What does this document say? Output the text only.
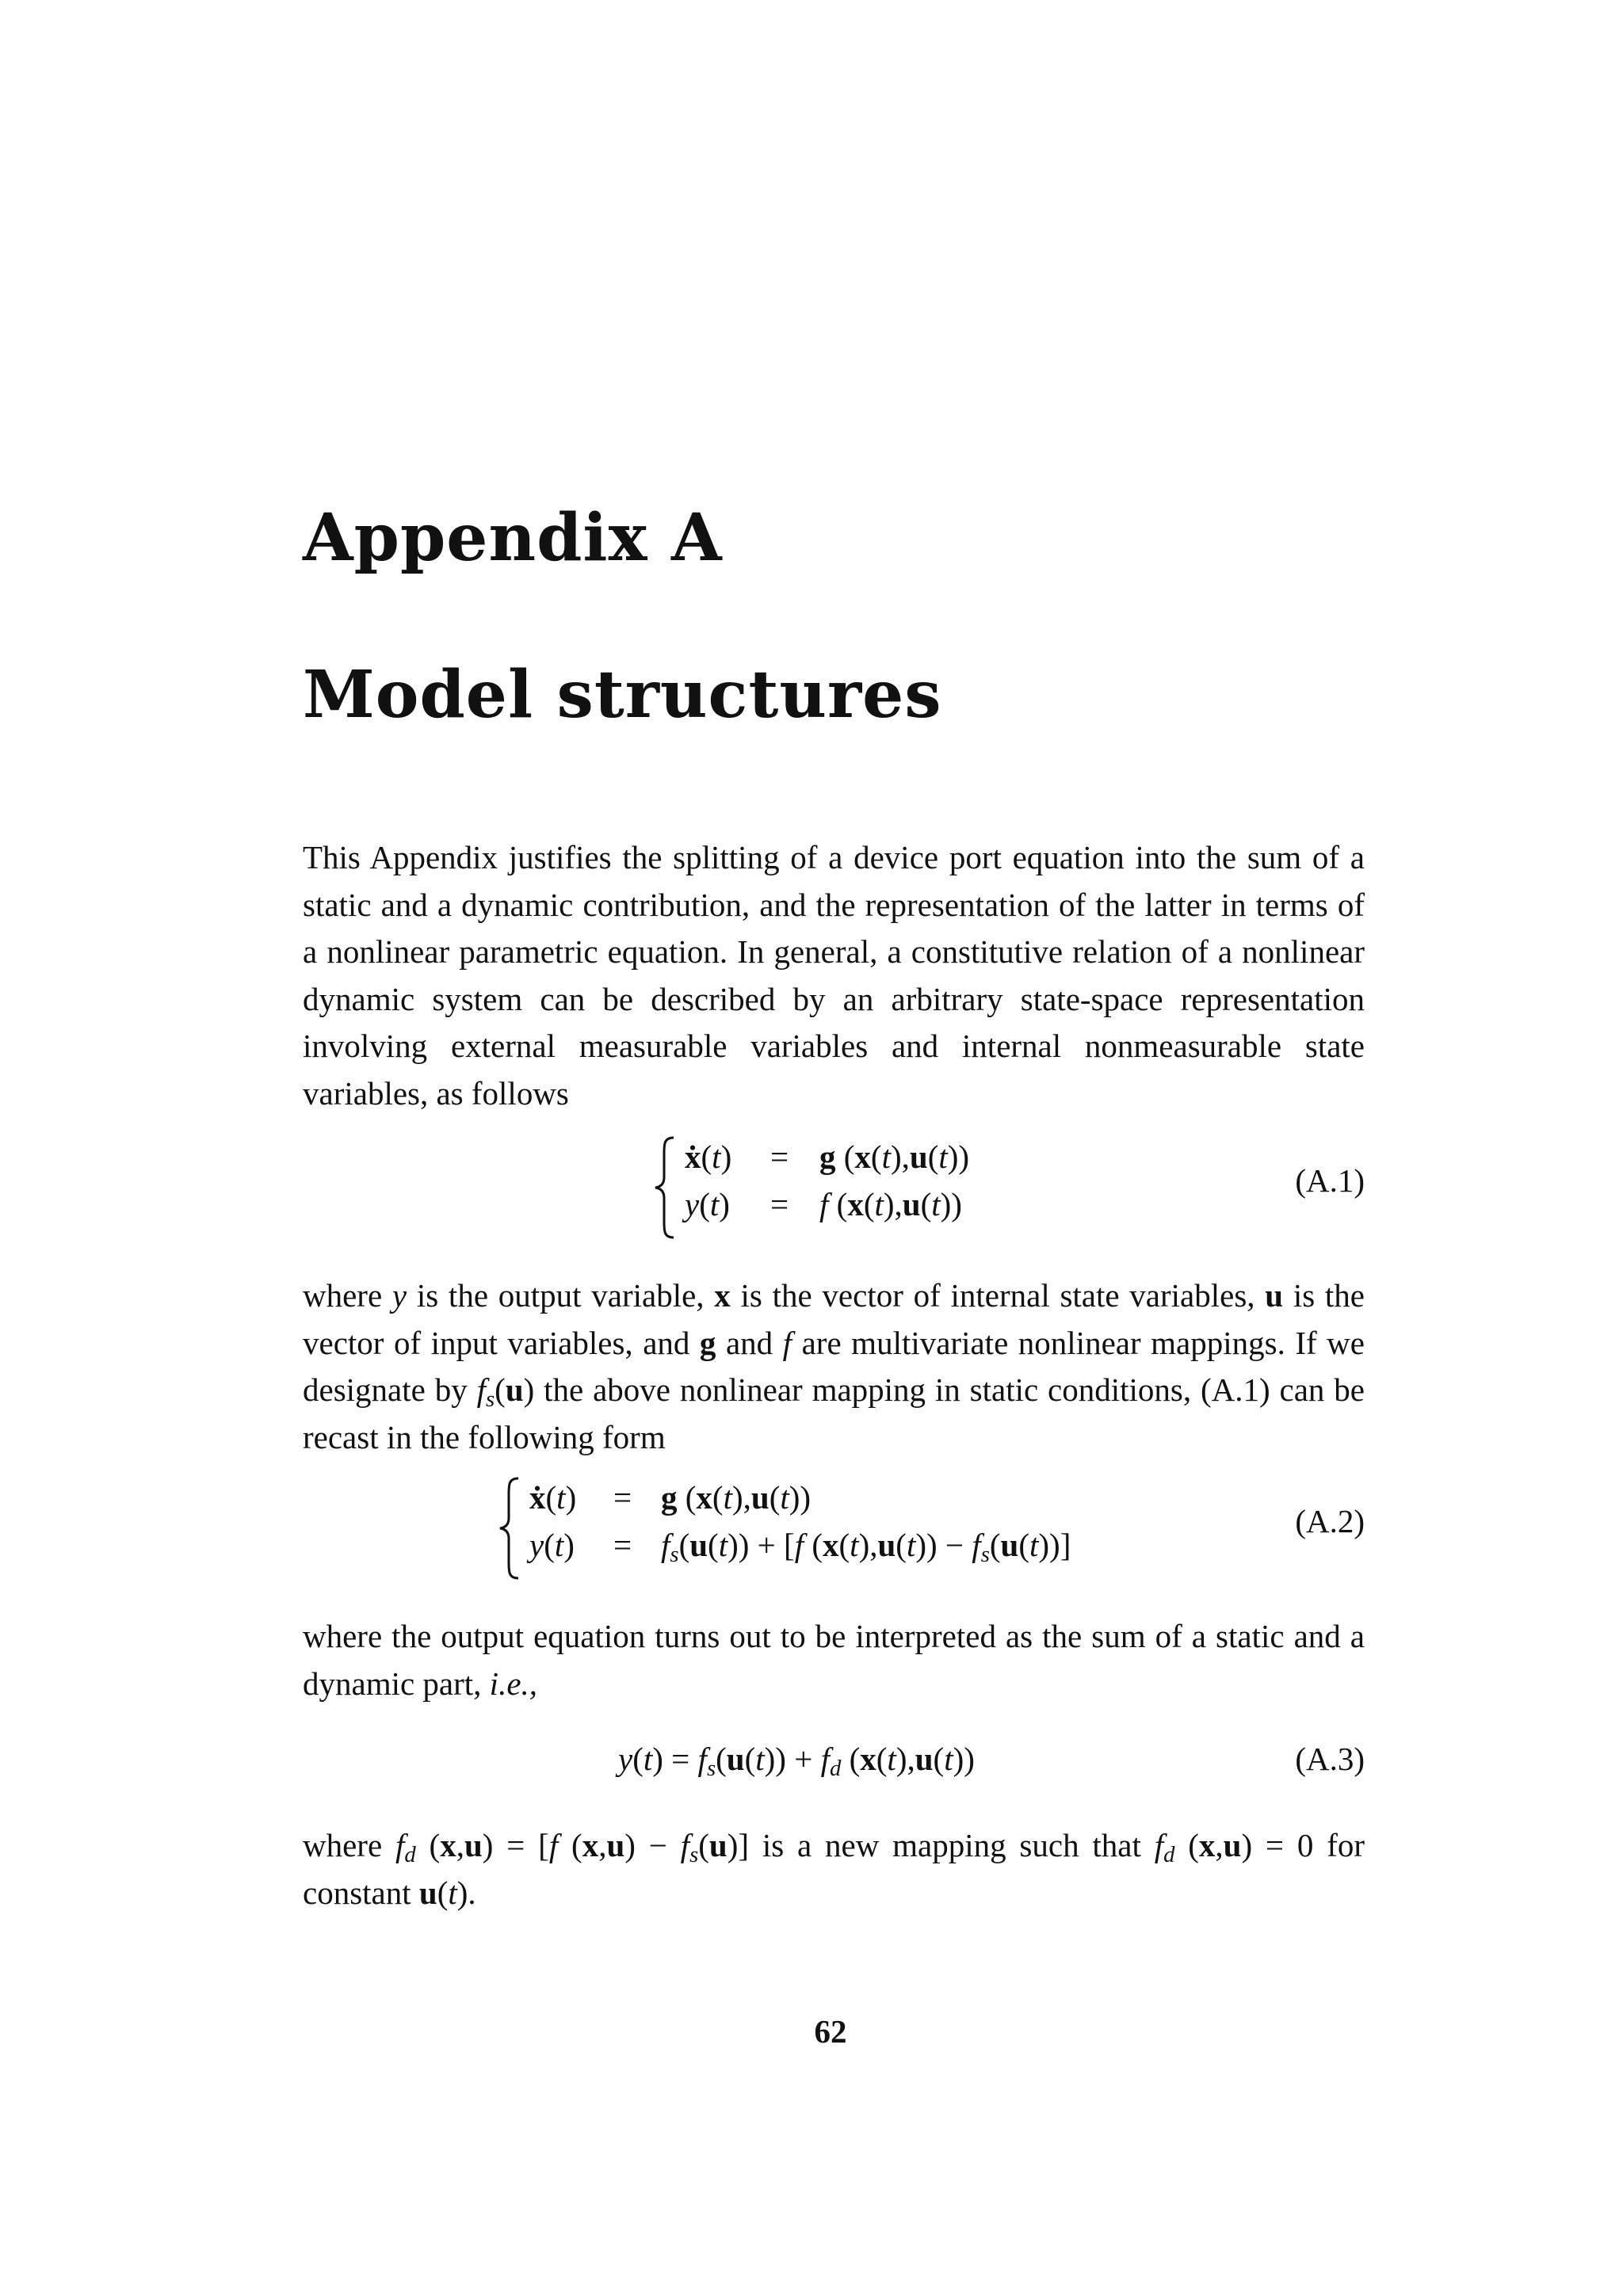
Appendix A
Model structures

This Appendix justifies the splitting of a device port equation into the sum of a static and a dynamic contribution, and the representation of the latter in terms of a nonlinear parametric equation. In general, a constitutive relation of a nonlinear dynamic system can be described by an arbitrary state-space representation involving external measurable variables and internal nonmeasurable state variables, as follows

ẋ(t) = g (x(t),u(t))
y(t) = f (x(t),u(t))
(A.1)

where y is the output variable, x is the vector of internal state variables, u is the vector of input variables, and g and f are multivariate nonlinear mappings. If we designate by $f_s(u)$ the above nonlinear mapping in static conditions, (A.1) can be recast in the following form

ẋ(t) = g (x(t),u(t))
$y(t) = f_s(u(t)) + [f$ $(x(t),u(t)) - f_s(u(t))$]
(A.2)

where the output equation turns out to be interpreted as the sum of a static and a dynamic part, i.e.,

$y(t) = f_s(u(t)) + f_d$ (x(t),u(t))	(A.3)

where $f_d$ (x,u) = [f $(x,u) - f_s(u)$] is a new mapping such that $f_d$ (x,u) = 0 for constant u(t).

62
